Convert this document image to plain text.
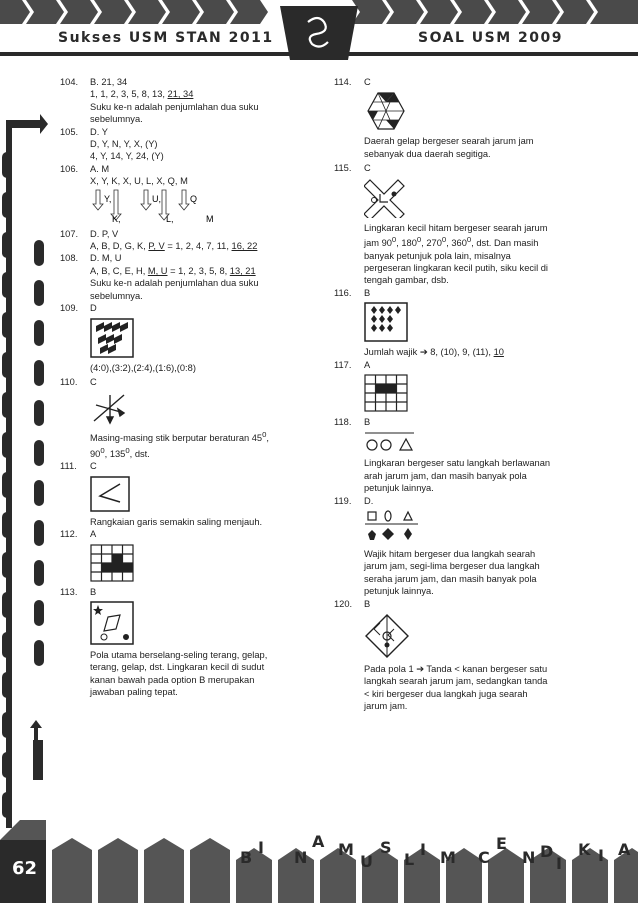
Sukses USM STAN 2011	SOAL USM 2009
62
B
I
N
A M
U
S
L
I M C
E
N D
I
K I A
104.	B. 21, 34

1, 1, 2, 3, 5, 8, 13, 21, 34

Suku ke-n adalah penjumlahan dua suku

sebelumnya.

105.	D. Y

D, Y, N, Y, X, (Y)

4, Y, 14, Y, 24, (Y)

106.	A. M

X, Y, K, X, U, L, X, Q, M

Y,	U,	Q
K,	L,	M
107.	D. P, V

A, B, D, G, K, P, V = 1, 2, 4, 7, 11, 16, 22

108.	D. M, U

A, B, C, E, H, M, U = 1, 2, 3, 5, 8, 13, 21

Suku ke-n adalah penjumlahan dua suku

sebelumnya.

109.	D

(4:0),(3:2),(2:4),(1:6),(0:8)

110.	C

Masing-masing stik berputar beraturan $45^0$,

$90^0$, $135^0$, dst.

111.	C

Rangkaian garis semakin saling menjauh.

112.	A

113.	B

Pola utama berselang-seling terang, gelap,

terang, gelap, dst. Lingkaran kecil di sudut

kanan bawah pada option B merupakan

jawaban paling tepat.

114.	C

Daerah gelap bergeser searah jarum jam

sebanyak dua daerah segitiga.

115.	C

Lingkaran kecil hitam bergeser searah jarum

jam $90^0$, $180^0$, $270^0$, $360^0$, dst. Dan masih

banyak petunjuk pola lain, misalnya

pergeseran lingkaran kecil putih, siku kecil di

tengah gambar, dsb.

116.	B

Jumlah wajik ➔ 8, (10), 9, (11), 10

117.	A

118.	B

Lingkaran bergeser satu langkah berlawanan

arah jarum jam, dan masih banyak pola

petunjuk lainnya.

119.	D.

Wajik hitam bergeser dua langkah searah

jarum jam, segi-lima bergeser dua langkah

seraha jarum jam, dan masih banyak pola

petunjuk lainnya.

120.	B

Pada pola 1 ➔ Tanda < kanan bergeser satu

langkah searah jarum jam, sedangkan tanda

< kiri bergeser dua langkah juga searah

jarum jam.
